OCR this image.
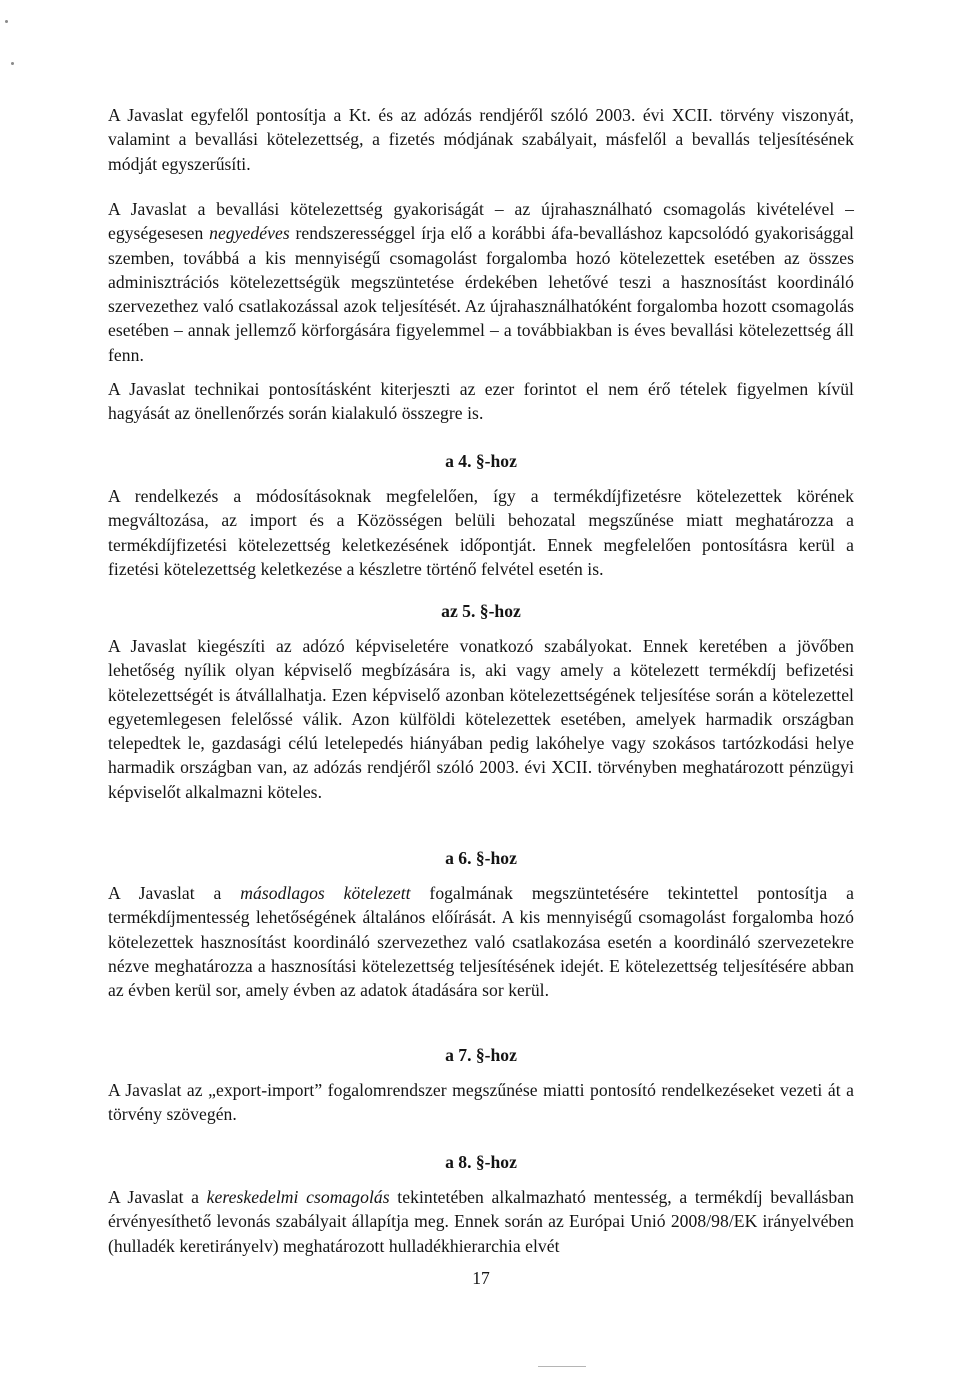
A Javaslat egyfelől pontosítja a Kt. és az adózás rendjéről szóló 2003. évi XCII. törvény viszonyát, valamint a bevallási kötelezettség, a fizetés módjának szabályait, másfelől a bevallás teljesítésének módját egyszerűsíti.

A Javaslat a bevallási kötelezettség gyakoriságát – az újrahasználható csomagolás kivételével – egységesesen negyedéves rendszerességgel írja elő a korábbi áfa-bevalláshoz kapcsolódó gyakorisággal szemben, továbbá a kis mennyiségű csomagolást forgalomba hozó kötelezettek esetében az összes adminisztrációs kötelezettségük megszüntetése érdekében lehetővé teszi a hasznosítást koordináló szervezethez való csatlakozással azok teljesítését. Az újrahasználhatóként forgalomba hozott csomagolás esetében – annak jellemző körforgására figyelemmel – a továbbiakban is éves bevallási kötelezettség áll fenn.

A Javaslat technikai pontosításként kiterjeszti az ezer forintot el nem érő tételek figyelmen kívül hagyását az önellenőrzés során kialakuló összegre is.

a 4. §-hoz

A rendelkezés a módosításoknak megfelelően, így a termékdíjfizetésre kötelezettek körének megváltozása, az import és a Közösségen belüli behozatal megszűnése miatt meghatározza a termékdíjfizetési kötelezettség keletkezésének időpontját. Ennek megfelelően pontosításra kerül a fizetési kötelezettség keletkezése a készletre történő felvétel esetén is.

az 5. §-hoz

A Javaslat kiegészíti az adózó képviseletére vonatkozó szabályokat. Ennek keretében a jövőben lehetőség nyílik olyan képviselő megbízására is, aki vagy amely a kötelezett termékdíj befizetési kötelezettségét is átvállalhatja. Ezen képviselő azonban kötelezettségének teljesítése során a kötelezettel egyetemlegesen felelőssé válik. Azon külföldi kötelezettek esetében, amelyek harmadik országban telepedtek le, gazdasági célú letelepedés hiányában pedig lakóhelye vagy szokásos tartózkodási helye harmadik országban van, az adózás rendjéről szóló 2003. évi XCII. törvényben meghatározott pénzügyi képviselőt alkalmazni köteles.

a 6. §-hoz

A Javaslat a másodlagos kötelezett fogalmának megszüntetésére tekintettel pontosítja a termékdíjmentesség lehetőségének általános előírását. A kis mennyiségű csomagolást forgalomba hozó kötelezettek hasznosítást koordináló szervezethez való csatlakozása esetén a koordináló szervezetekre nézve meghatározza a hasznosítási kötelezettség teljesítésének idejét. E kötelezettség teljesítésére abban az évben kerül sor, amely évben az adatok átadására sor kerül.

a 7. §-hoz

A Javaslat az „export-import” fogalomrendszer megszűnése miatti pontosító rendelkezéseket vezeti át a törvény szövegén.

a 8. §-hoz

A Javaslat a kereskedelmi csomagolás tekintetében alkalmazható mentesség, a termékdíj bevallásban érvényesíthető levonás szabályait állapítja meg. Ennek során az Európai Unió 2008/98/EK irányelvében (hulladék keretirányelv) meghatározott hulladékhierarchia elvét

17
